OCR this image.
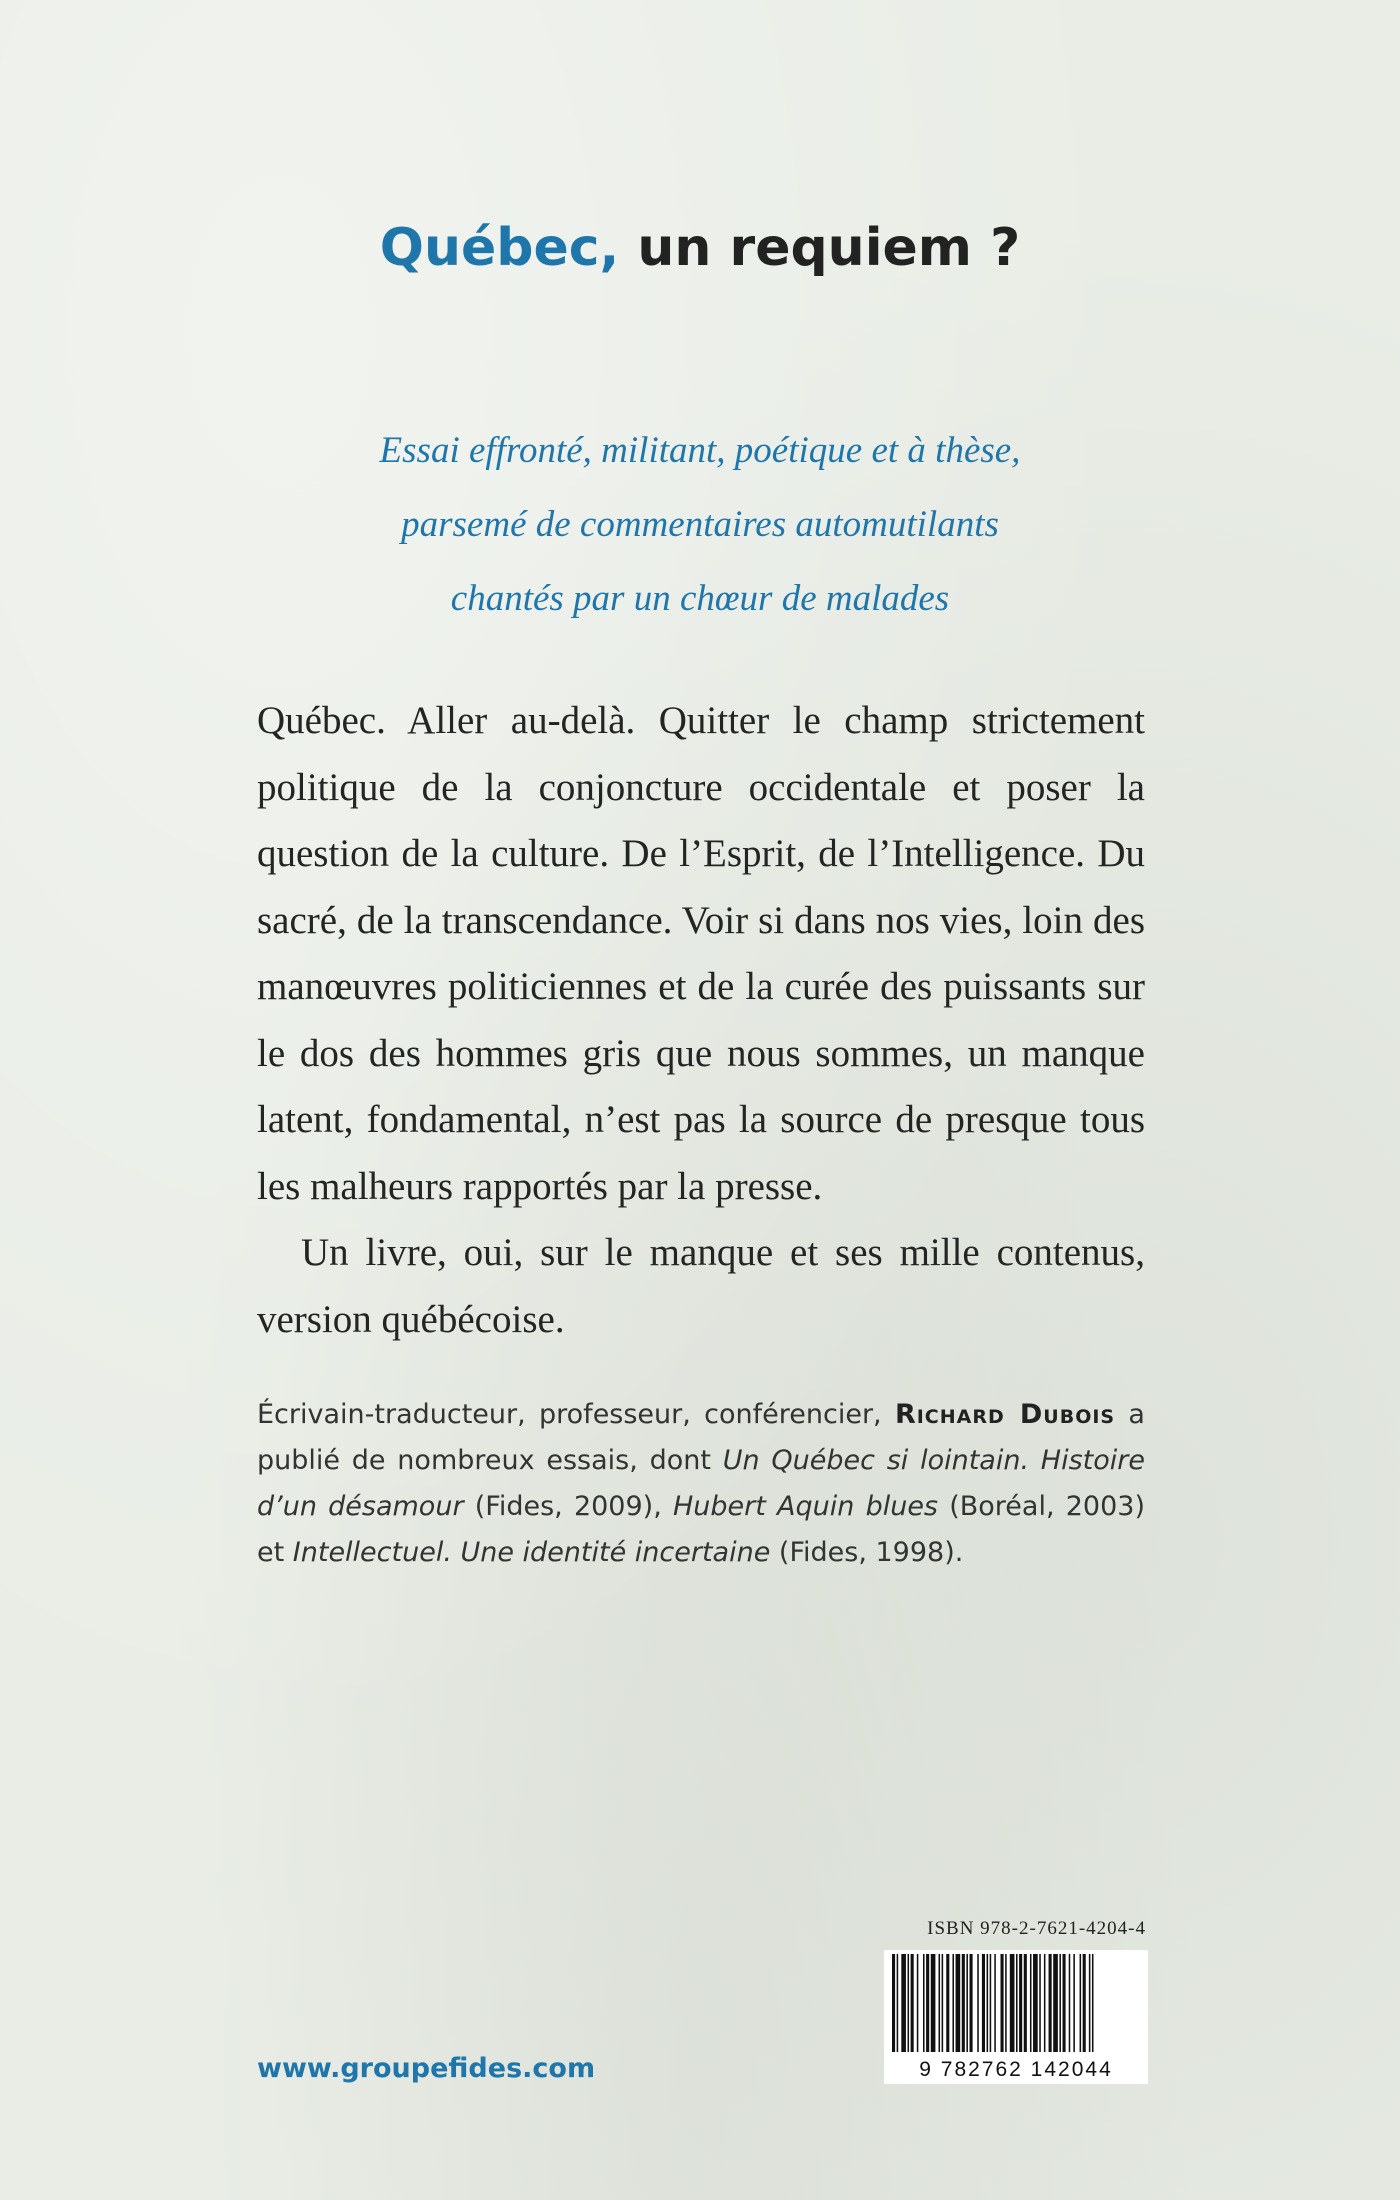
Québec, un requiem ?
Essai effronté, militant, poétique et à thèse,
parsemé de commentaires automutilants
chantés par un chœur de malades

Québec. Aller au-delà. Quitter le champ strictement politique de la conjoncture occidentale et poser la question de la culture. De l’Esprit, de l’Intelligence. Du sacré, de la transcendance. Voir si dans nos vies, loin des manœuvres politiciennes et de la curée des puissants sur le dos des hommes gris que nous sommes, un manque latent, fondamental, n’est pas la source de presque tous les malheurs rapportés par la presse.

Un livre, oui, sur le manque et ses mille contenus, version québécoise.

Écrivain-traducteur, professeur, conférencier, Richard Dubois a publié de nombreux essais, dont Un Québec si lointain. Histoire d’un désamour (Fides, 2009), Hubert Aquin blues (Boréal, 2003) et Intellectuel. Une identité incertaine (Fides, 1998).
www.groupefides.com
ISBN 978-2-7621-4204-4
9 782762 142044
